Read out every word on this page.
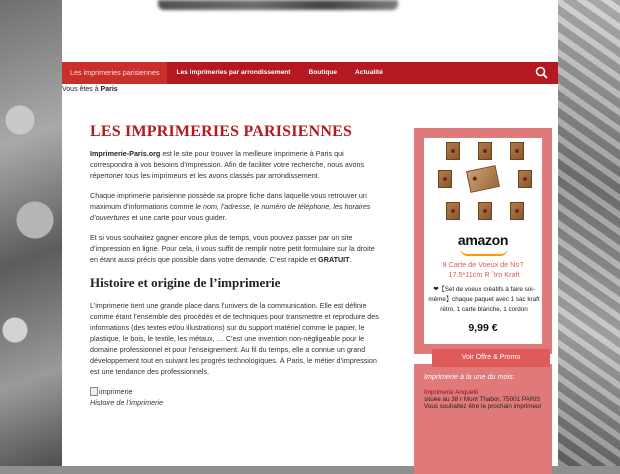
Les imprimeries parisiennes	Les imprimeries par arrondissement	Boutique	Actualité
Vous êtes à Paris
LES IMPRIMERIES PARISIENNES

Imprimerie-Paris.org est le site pour trouver la meilleure imprimerie à Paris qui correspondra à vos besoins d’impression. Afin de faciliter votre recherche, nous avons répertorier tous les imprimeurs et les avons classés par arrondissement.

Chaque imprimerie parisienne possède sa propre fiche dans laquelle vous retrouver un maximum d’informations comme le nom, l’adresse, le numéro de téléphone, les horaires d’ouvertures et une carte pour vous guider.

Et si vous souhaitez gagner encore plus de temps, vous pouvez passer par un site d’impression en ligne. Pour cela, il vous suffit de remplir notre petit formulaire sur la droite en étant aussi précis que possible dans votre demande. C’est rapide et GRATUIT.

Histoire et origine de l’imprimerie

L’imprimerie tient une grande place dans l’univers de la communication. Elle est définie comme étant l’ensemble des procédés et de techniques pour transmettre et reproduire des informations (des textes et/ou illustrations) sur du support matériel comme le papier, le plastique, le bois, le textile, les métaux, … C’est une invention non-négligeable pour le domaine professionnel et pour l’enseignement. Au fil du temps, elle a connue un grand développement tout en suivant les progrès technologiques. À Paris, le métier d’impression est une tendance des professionnels.

imprimerie
Histoire de l’imprimerie
amazon
8 Carte de Voeux de No?  17.5*11cm R ˆtro Kraft
❤【Set de voeux créatifs à faire soi-même】chaque paquet avec 1 sac kraft rétro, 1 carte blanche, 1 cordon
9,99 €
Imprimerie à la une du mois:
Imprimerie Anquetil
située au 38 r Mont Thabor, 75001 PARIS
Vous souhaitez être le prochain imprimeur
Voir Offre & Promo
